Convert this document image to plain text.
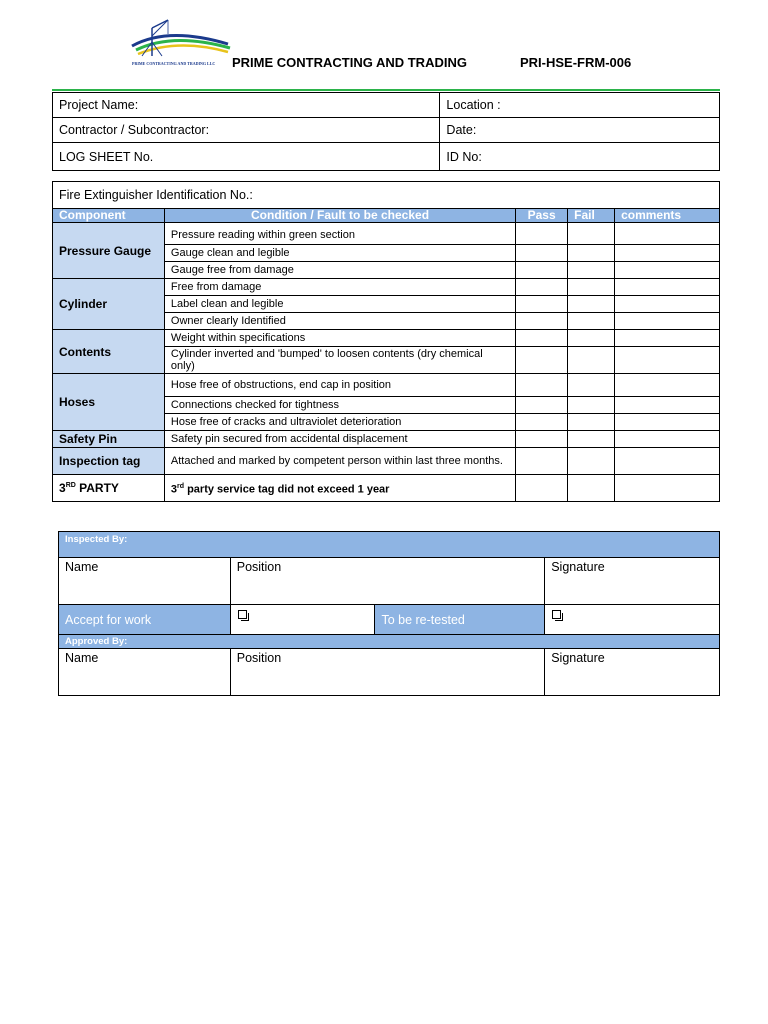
PRIME CONTRACTING AND TRADING LLC PRIME CONTRACTING AND TRADING	PRI-HSE-FRM-006
Project Name:	Location :
Contractor / Subcontractor:	Date:
LOG SHEET No.	ID No:
Fire Extinguisher Identification No.:				
Component	Condition / Fault to be checked	Pass	Fail	comments
Pressure Gauge	Pressure reading within green section			
	Gauge clean and legible			
	Gauge free from damage			
Cylinder	Free from damage			
	Label clean and legible			
	Owner clearly Identified			
Contents	Weight within specifications			
	Cylinder inverted and 'bumped' to loosen contents (dry chemical only)			
Hoses	Hose free of obstructions, end cap in position			
	Connections checked for tightness			
	Hose free of cracks and ultraviolet deterioration			
Safety Pin	Safety pin secured from accidental displacement			
Inspection tag	Attached and marked by competent person within last three months.			
3RD PARTY	3rd party service tag did not exceed 1 year			
Inspected By:			
Name	Position		Signature
Accept for work		To be re-tested	
Approved By:			
Name	Position		Signature
